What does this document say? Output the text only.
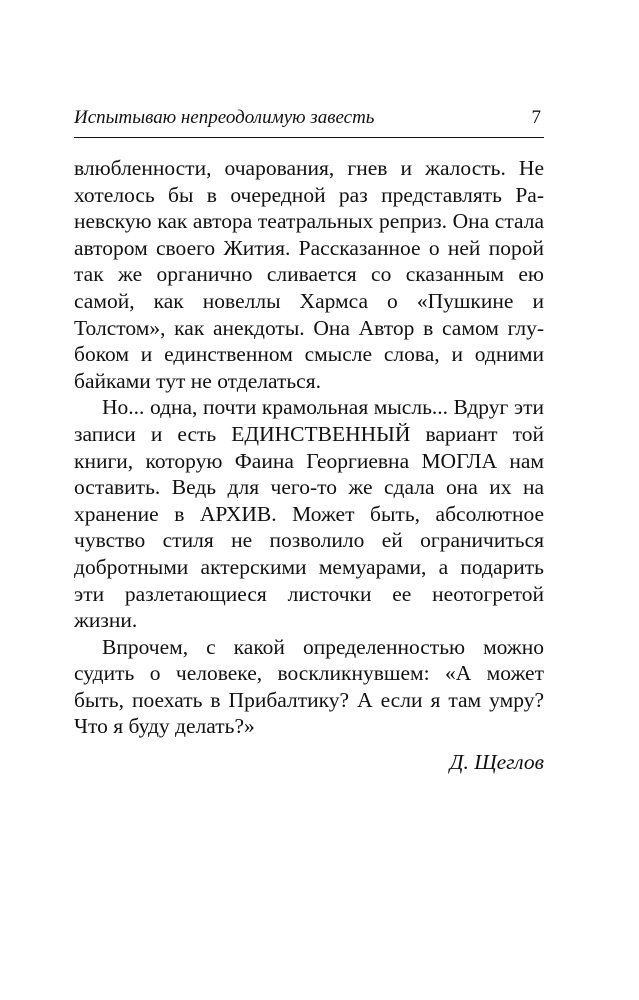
Испытываю непреодолимую завесть	7

влюбленности, очарования, гнев и жалость. Не хотелось бы в очередной раз представлять Раневскую как автора театральных реприз. Она стала автором своего Жития. Рассказанное о ней порой так же органично сливается со сказанным ею самой, как новеллы Хармса о «Пушкине и Толстом», как анекдоты. Она Автор в самом глубоком и единственном смысле слова, и одними байками тут не отделаться.

Но... одна, почти крамольная мысль... Вдруг эти записи и есть ЕДИНСТВЕННЫЙ вариант той книги, которую Фаина Георгиевна МОГЛА нам оставить. Ведь для чего-то же сдала она их на хранение в АРХИВ. Может быть, абсолютное чувство стиля не позволило ей ограничиться добротными актерскими мемуарами, а подарить эти разлетающиеся листочки ее неотогретой жизни.

Впрочем, с какой определенностью можно судить о человеке, воскликнувшем: «А может быть, поехать в Прибалтику? А если я там умру? Что я буду делать?»

Д. Щеглов
